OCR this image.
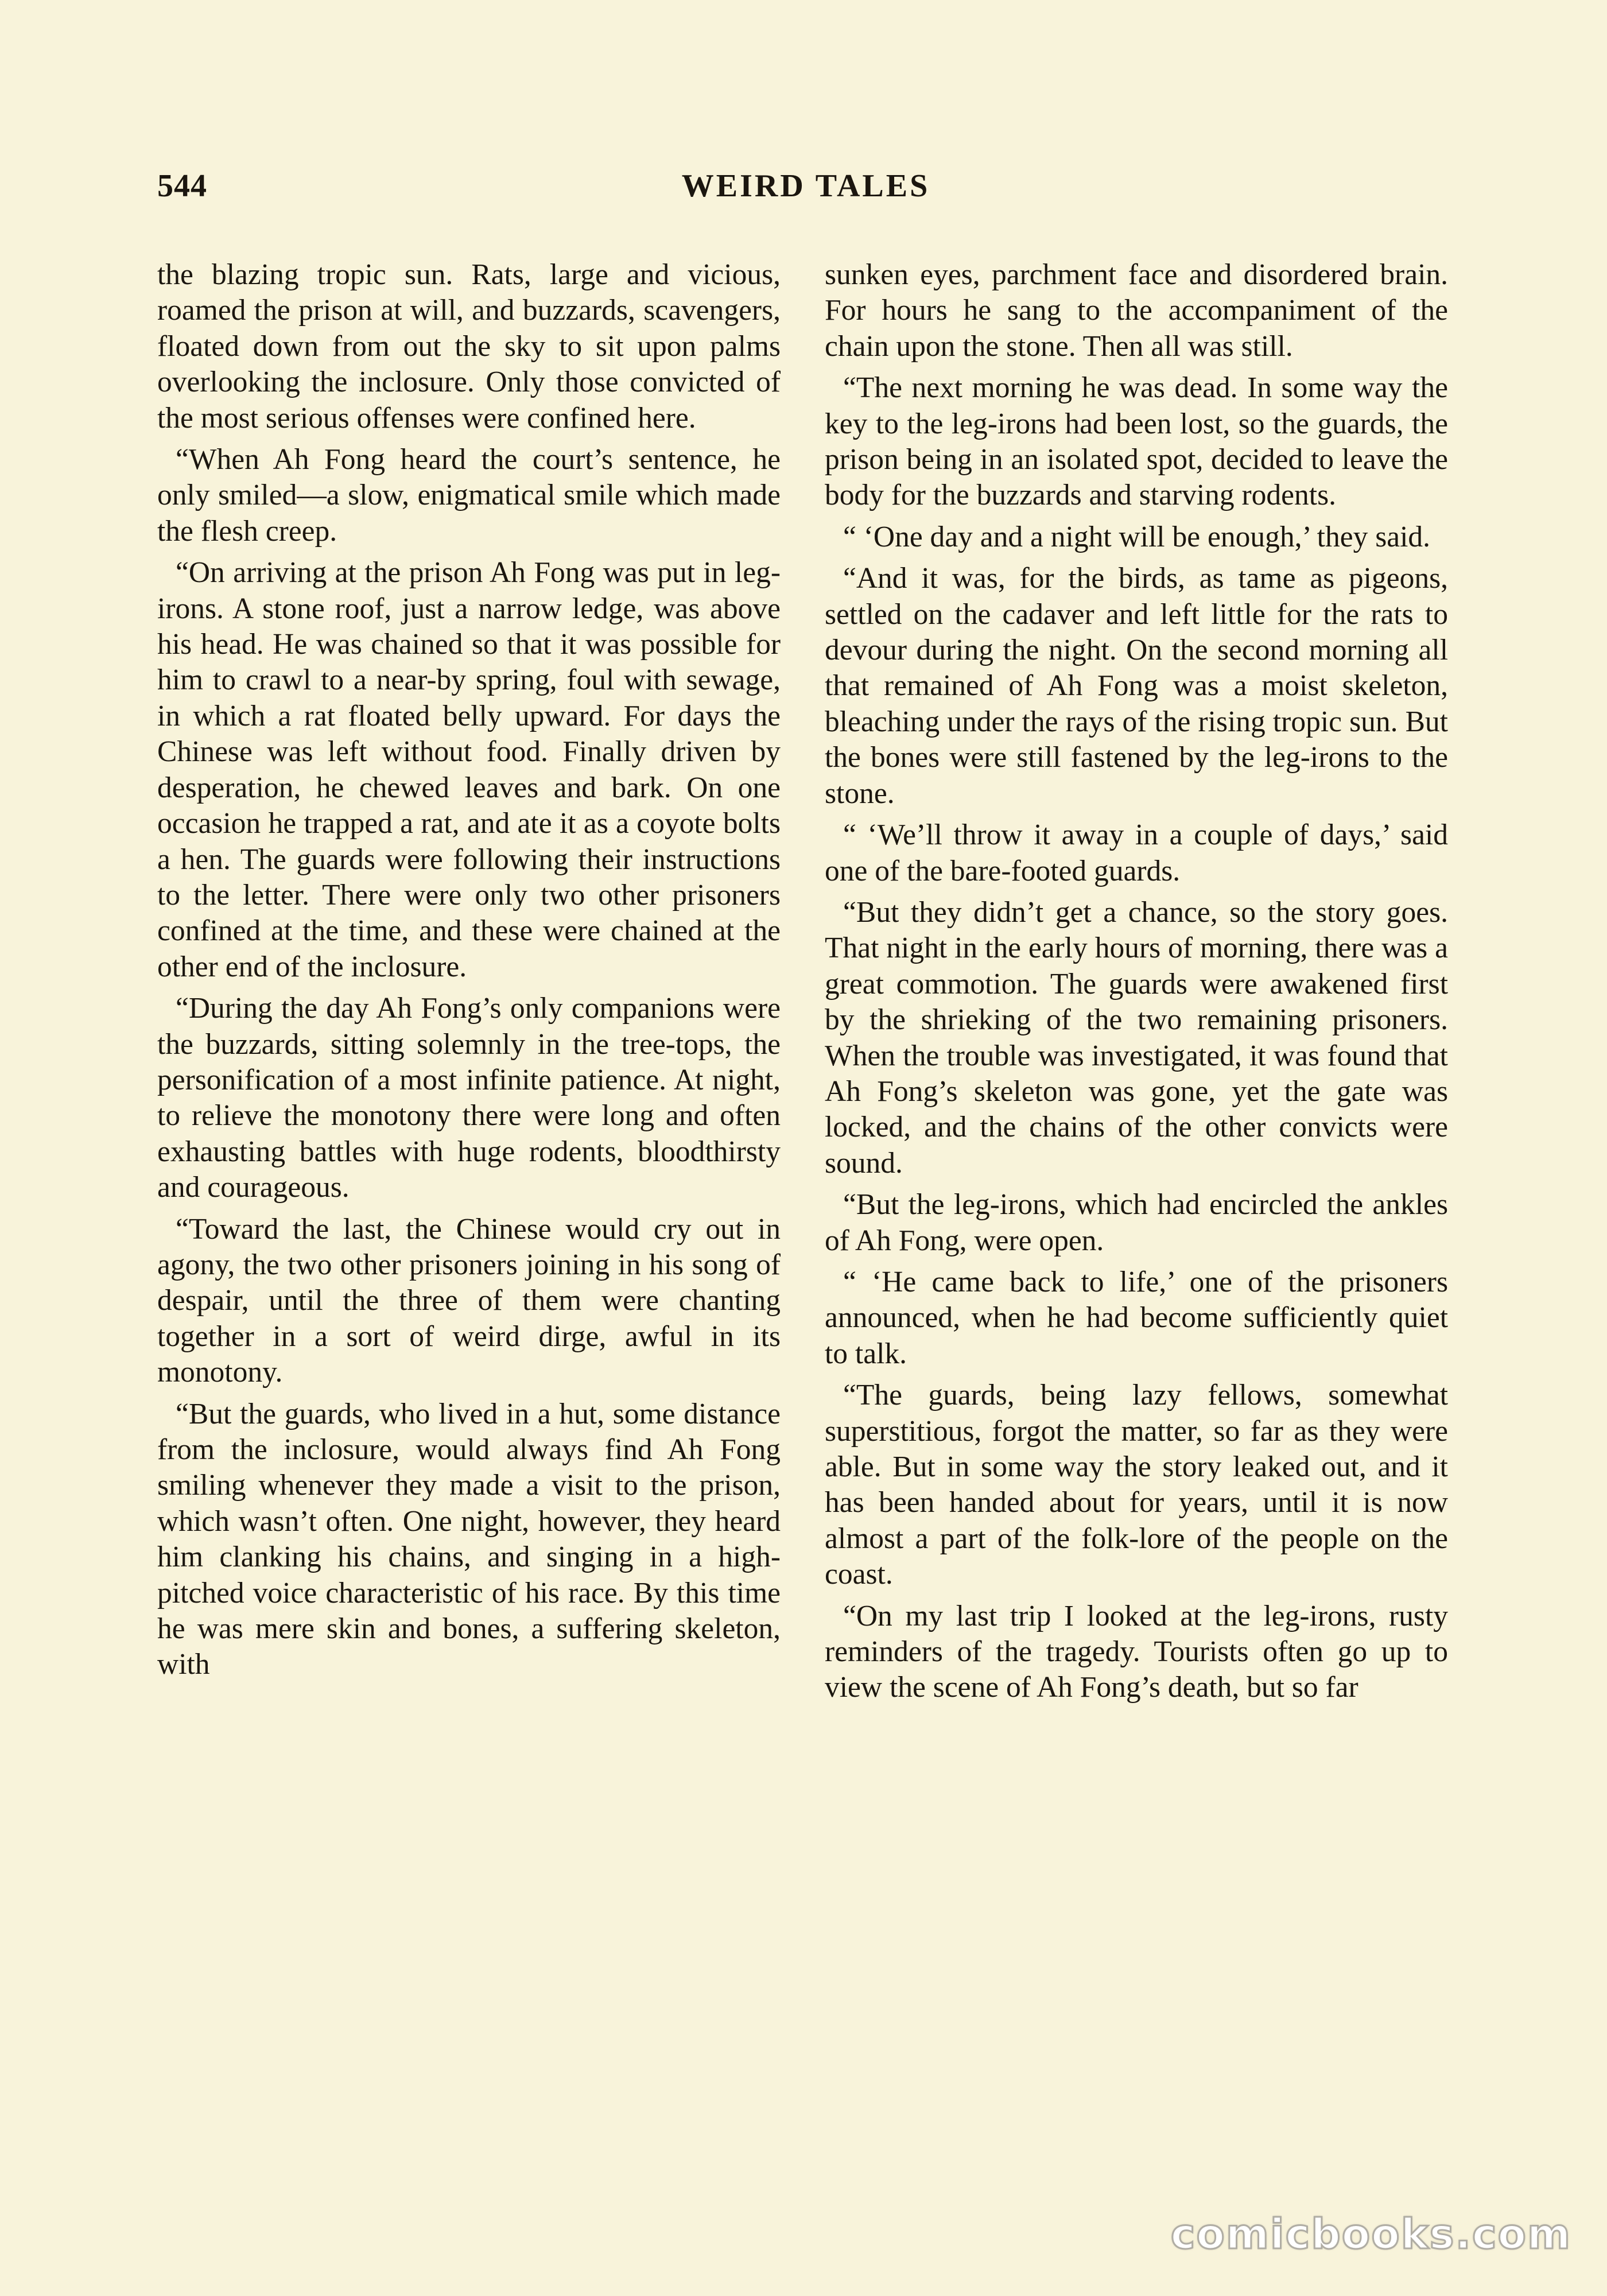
544	WEIRD TALES

the blazing tropic sun. Rats, large and vicious, roamed the prison at will, and buzzards, scavengers, floated down from out the sky to sit upon palms overlooking the inclosure. Only those convicted of the most serious offenses were confined here.

“When Ah Fong heard the court’s sentence, he only smiled—a slow, enigmatical smile which made the flesh creep.

“On arriving at the prison Ah Fong was put in leg-irons. A stone roof, just a narrow ledge, was above his head. He was chained so that it was possible for him to crawl to a near-by spring, foul with sewage, in which a rat floated belly upward. For days the Chinese was left without food. Finally driven by desperation, he chewed leaves and bark. On one occasion he trapped a rat, and ate it as a coyote bolts a hen. The guards were following their instructions to the letter. There were only two other prisoners confined at the time, and these were chained at the other end of the inclosure.

“During the day Ah Fong’s only companions were the buzzards, sitting solemnly in the tree-tops, the personification of a most infinite patience. At night, to relieve the monotony there were long and often exhausting battles with huge rodents, bloodthirsty and courageous.

“Toward the last, the Chinese would cry out in agony, the two other prisoners joining in his song of despair, until the three of them were chanting together in a sort of weird dirge, awful in its monotony.

“But the guards, who lived in a hut, some distance from the inclosure, would always find Ah Fong smiling whenever they made a visit to the prison, which wasn’t often. One night, however, they heard him clanking his chains, and singing in a high-pitched voice characteristic of his race. By this time he was mere skin and bones, a suffering skeleton, with

sunken eyes, parchment face and disordered brain. For hours he sang to the accompaniment of the chain upon the stone. Then all was still.

“The next morning he was dead. In some way the key to the leg-irons had been lost, so the guards, the prison being in an isolated spot, decided to leave the body for the buzzards and starving rodents.

“ ‘One day and a night will be enough,’ they said.

“And it was, for the birds, as tame as pigeons, settled on the cadaver and left little for the rats to devour during the night. On the second morning all that remained of Ah Fong was a moist skeleton, bleaching under the rays of the rising tropic sun. But the bones were still fastened by the leg-irons to the stone.

“ ‘We’ll throw it away in a couple of days,’ said one of the bare-footed guards.

“But they didn’t get a chance, so the story goes. That night in the early hours of morning, there was a great commotion. The guards were awakened first by the shrieking of the two remaining prisoners. When the trouble was investigated, it was found that Ah Fong’s skeleton was gone, yet the gate was locked, and the chains of the other convicts were sound.

“But the leg-irons, which had encircled the ankles of Ah Fong, were open.

“ ‘He came back to life,’ one of the prisoners announced, when he had become sufficiently quiet to talk.

“The guards, being lazy fellows, somewhat superstitious, forgot the matter, so far as they were able. But in some way the story leaked out, and it has been handed about for years, until it is now almost a part of the folk-lore of the people on the coast.

“On my last trip I looked at the leg-irons, rusty reminders of the tragedy. Tourists often go up to view the scene of Ah Fong’s death, but so far

comicbooks.com
